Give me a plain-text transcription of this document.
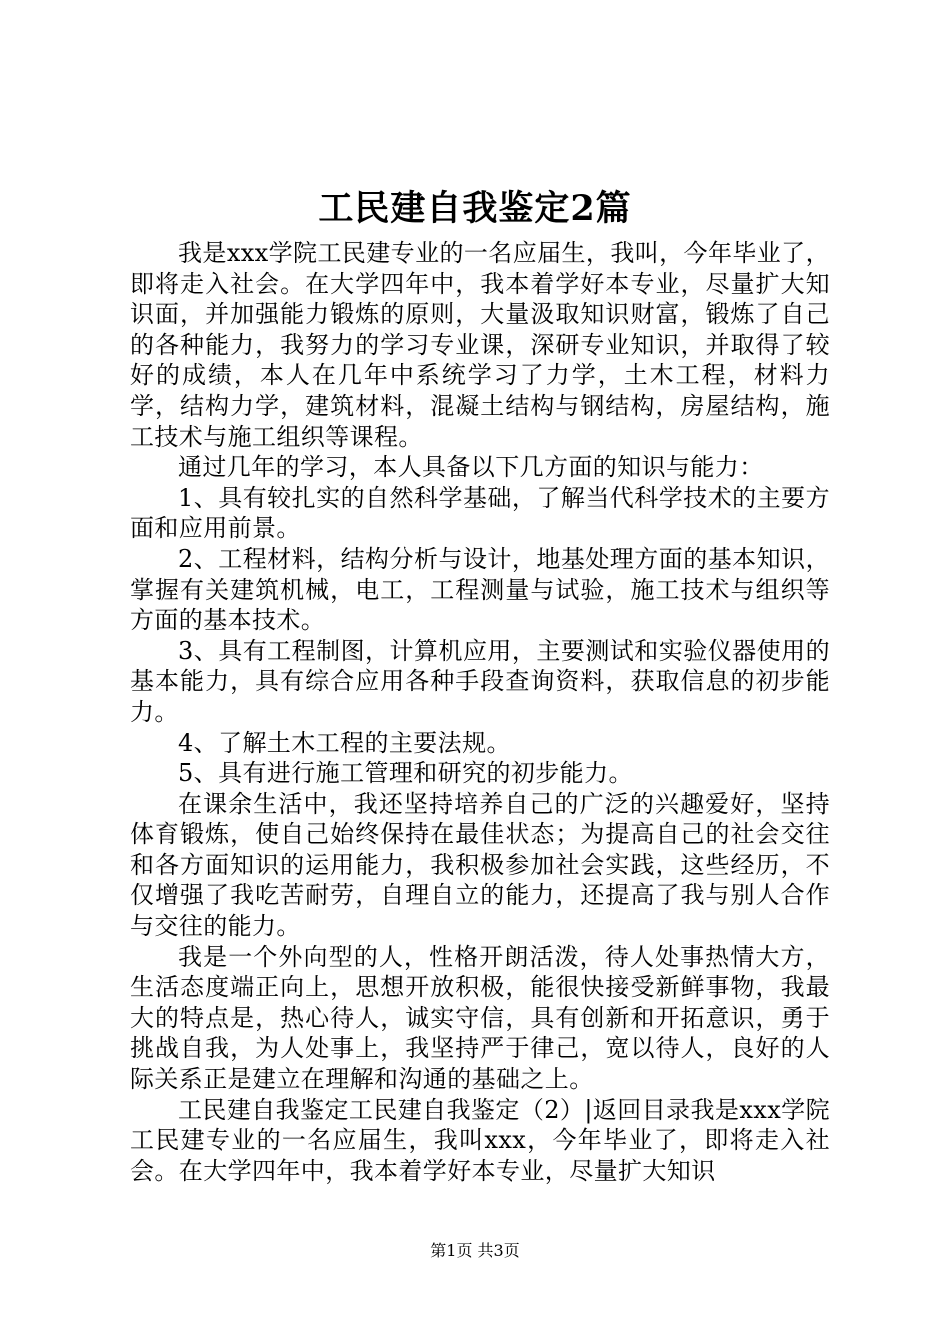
工民建自我鉴定2篇

我是xxx学院工民建专业的一名应届生，我叫，今年毕业了，即将走入社会。在大学四年中，我本着学好本专业，尽量扩大知识面，并加强能力锻炼的原则，大量汲取知识财富，锻炼了自己的各种能力，我努力的学习专业课，深研专业知识，并取得了较好的成绩，本人在几年中系统学习了力学，土木工程，材料力学，结构力学，建筑材料，混凝土结构与钢结构，房屋结构，施工技术与施工组织等课程。

通过几年的学习，本人具备以下几方面的知识与能力：

1、具有较扎实的自然科学基础，了解当代科学技术的主要方面和应用前景。

2、工程材料，结构分析与设计，地基处理方面的基本知识，掌握有关建筑机械，电工，工程测量与试验，施工技术与组织等方面的基本技术。

3、具有工程制图，计算机应用，主要测试和实验仪器使用的基本能力，具有综合应用各种手段查询资料，获取信息的初步能力。

4、了解土木工程的主要法规。

5、具有进行施工管理和研究的初步能力。

在课余生活中，我还坚持培养自己的广泛的兴趣爱好，坚持体育锻炼，使自己始终保持在最佳状态；为提高自己的社会交往和各方面知识的运用能力，我积极参加社会实践，这些经历，不仅增强了我吃苦耐劳，自理自立的能力，还提高了我与别人合作与交往的能力。

我是一个外向型的人，性格开朗活泼，待人处事热情大方，生活态度端正向上，思想开放积极，能很快接受新鲜事物，我最大的特点是，热心待人，诚实守信，具有创新和开拓意识，勇于挑战自我，为人处事上，我坚持严于律己，宽以待人，良好的人际关系正是建立在理解和沟通的基础之上。

工民建自我鉴定工民建自我鉴定（2）|返回目录我是xxx学院工民建专业的一名应届生，我叫xxx，今年毕业了，即将走入社会。在大学四年中，我本着学好本专业，尽量扩大知识

第1页 共3页
